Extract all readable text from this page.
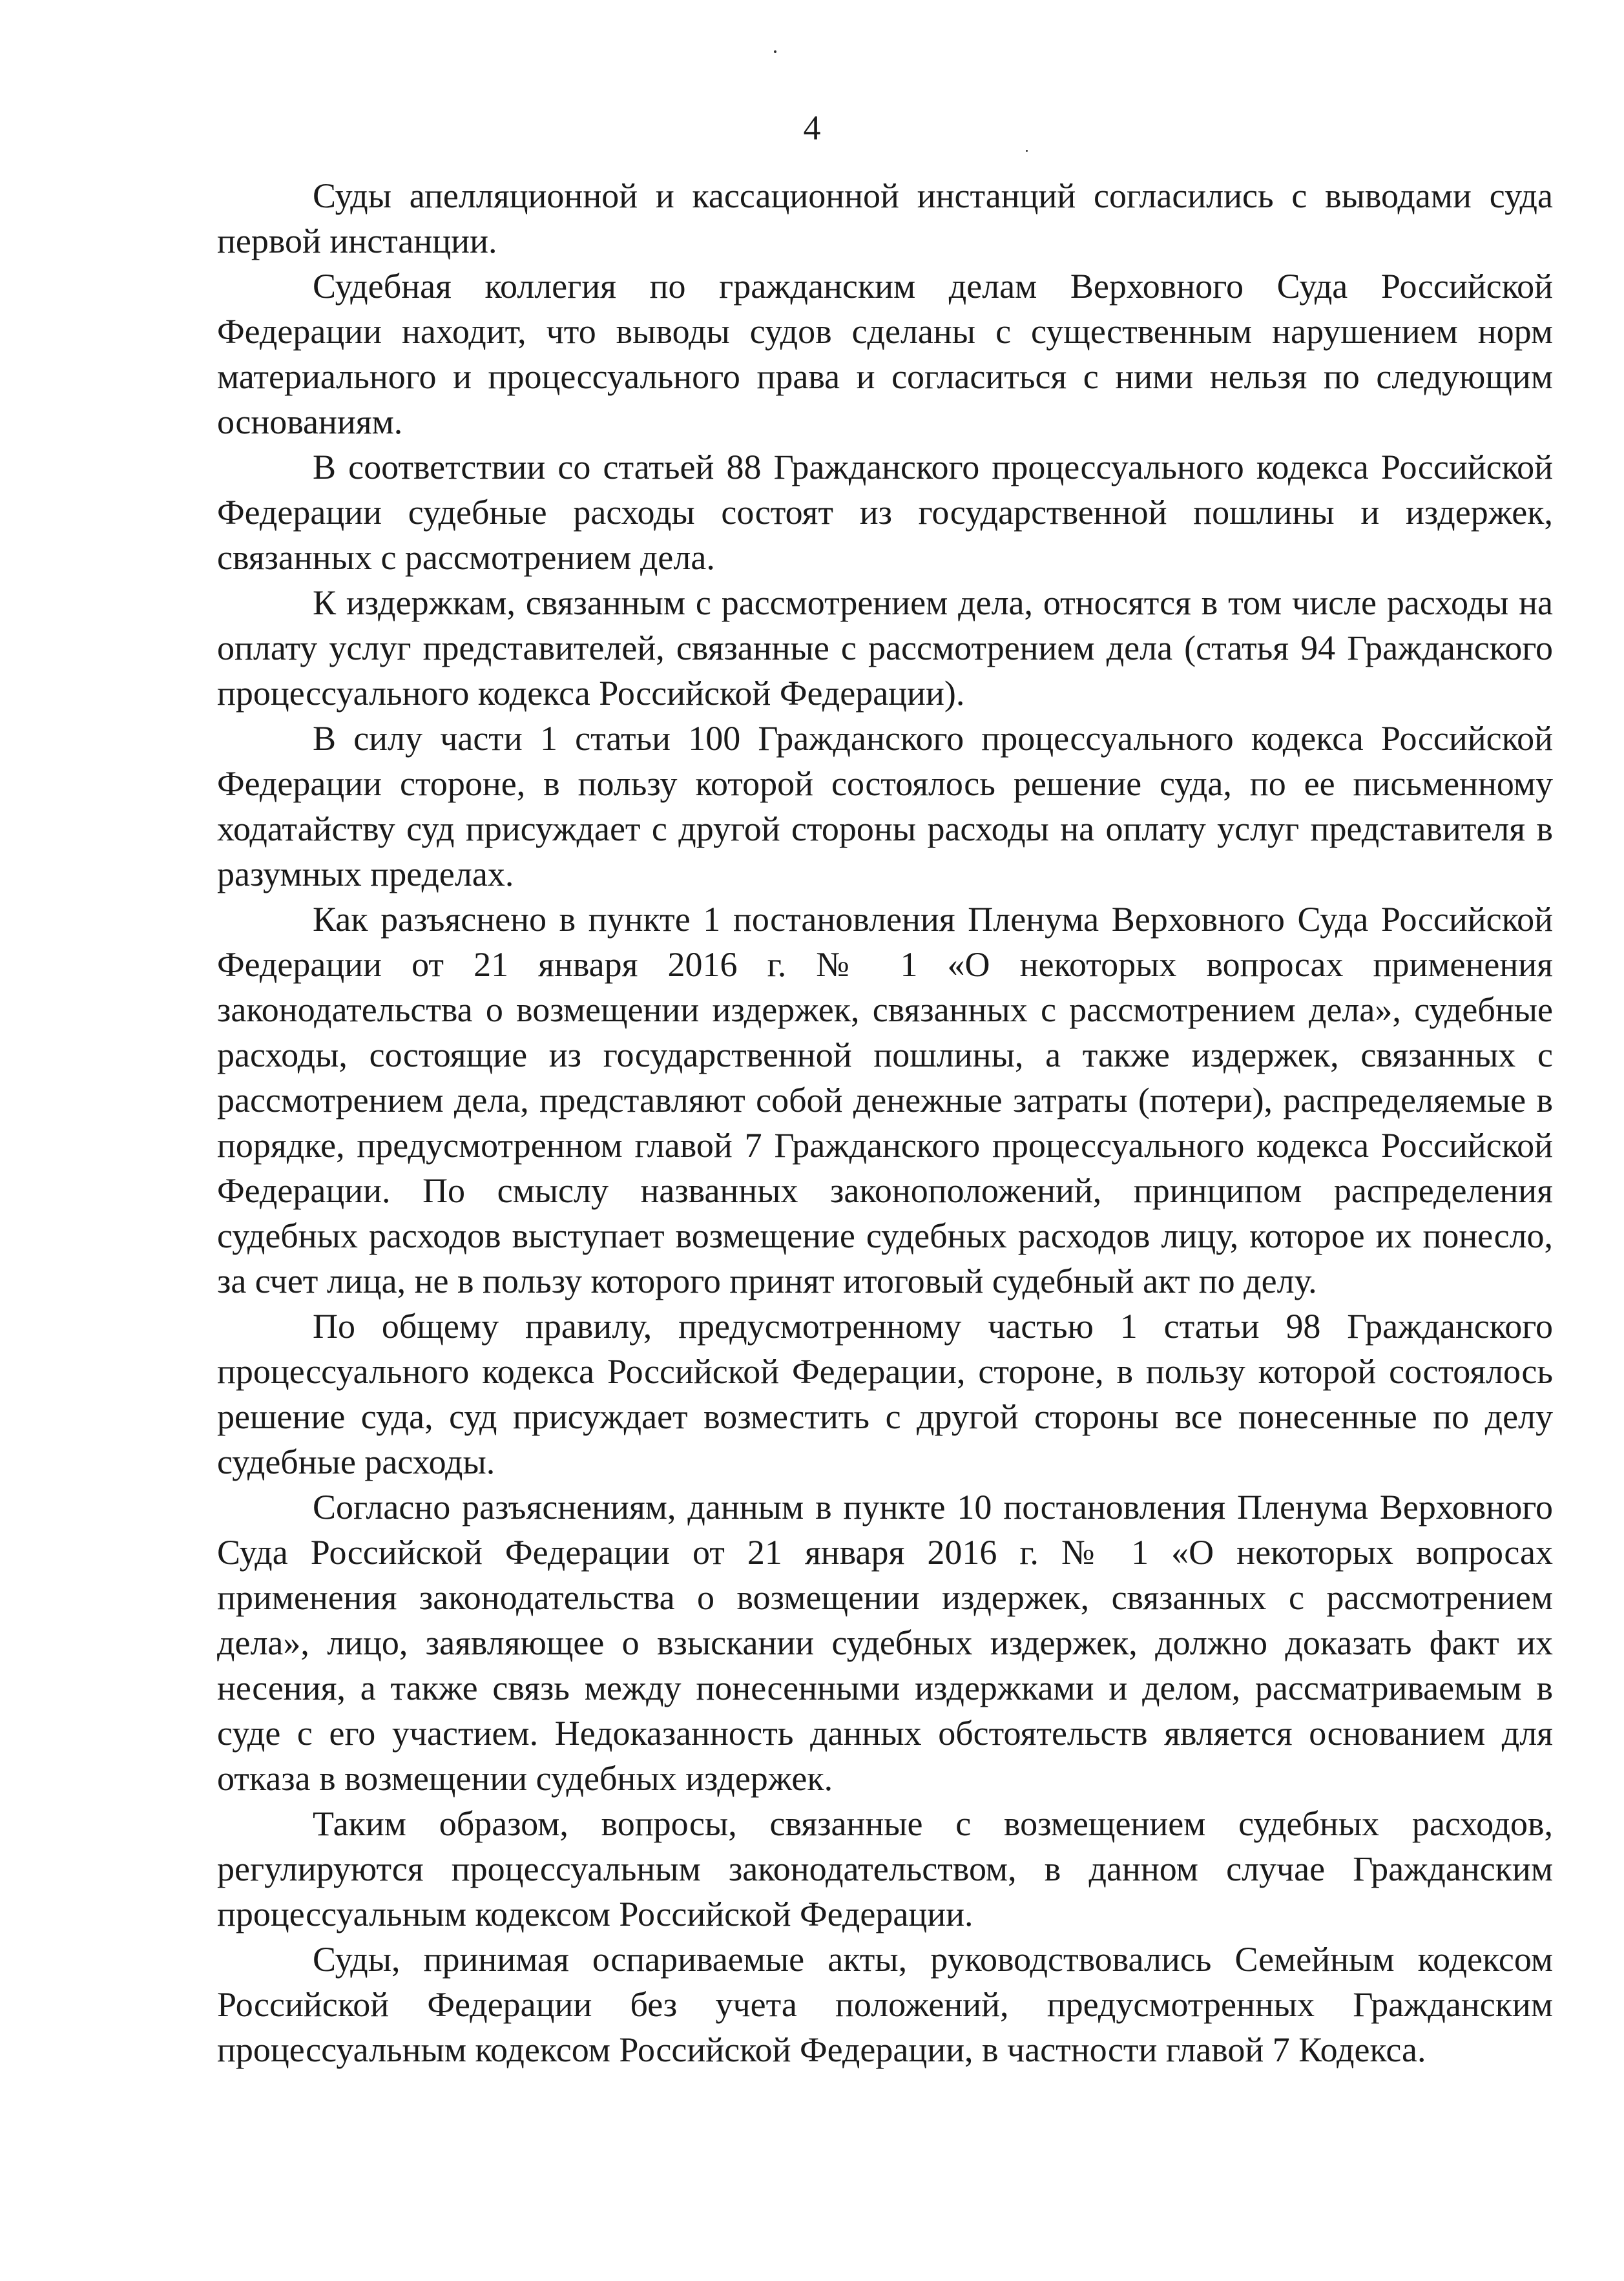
4

Суды апелляционной и кассационной инстанций согласились с выводами суда первой инстанции.

Судебная коллегия по гражданским делам Верховного Суда Российской Федерации находит, что выводы судов сделаны с существенным нарушением норм материального и процессуального права и согласиться с ними нельзя по следующим основаниям.

В соответствии со статьей 88 Гражданского процессуального кодекса Российской Федерации судебные расходы состоят из государственной пошлины и издержек, связанных с рассмотрением дела.

К издержкам, связанным с рассмотрением дела, относятся в том числе расходы на оплату услуг представителей, связанные с рассмотрением дела (статья 94 Гражданского процессуального кодекса Российской Федерации).

В силу части 1 статьи 100 Гражданского процессуального кодекса Российской Федерации стороне, в пользу которой состоялось решение суда, по ее письменному ходатайству суд присуждает с другой стороны расходы на оплату услуг представителя в разумных пределах.

Как разъяснено в пункте 1 постановления Пленума Верховного Суда Российской Федерации от 21 января 2016 г. № 1 «О некоторых вопросах применения законодательства о возмещении издержек, связанных с рассмотрением дела», судебные расходы, состоящие из государственной пошлины, а также издержек, связанных с рассмотрением дела, представляют собой денежные затраты (потери), распределяемые в порядке, предусмотренном главой 7 Гражданского процессуального кодекса Российской Федерации. По смыслу названных законоположений, принципом распределения судебных расходов выступает возмещение судебных расходов лицу, которое их понесло, за счет лица, не в пользу которого принят итоговый судебный акт по делу.

По общему правилу, предусмотренному частью 1 статьи 98 Гражданского процессуального кодекса Российской Федерации, стороне, в пользу которой состоялось решение суда, суд присуждает возместить с другой стороны все понесенные по делу судебные расходы.

Согласно разъяснениям, данным в пункте 10 постановления Пленума Верховного Суда Российской Федерации от 21 января 2016 г. № 1 «О некоторых вопросах применения законодательства о возмещении издержек, связанных с рассмотрением дела», лицо, заявляющее о взыскании судебных издержек, должно доказать факт их несения, а также связь между понесенными издержками и делом, рассматриваемым в суде с его участием. Недоказанность данных обстоятельств является основанием для отказа в возмещении судебных издержек.

Таким образом, вопросы, связанные с возмещением судебных расходов, регулируются процессуальным законодательством, в данном случае Гражданским процессуальным кодексом Российской Федерации.

Суды, принимая оспариваемые акты, руководствовались Семейным кодексом Российской Федерации без учета положений, предусмотренных Гражданским процессуальным кодексом Российской Федерации, в частности главой 7 Кодекса.
